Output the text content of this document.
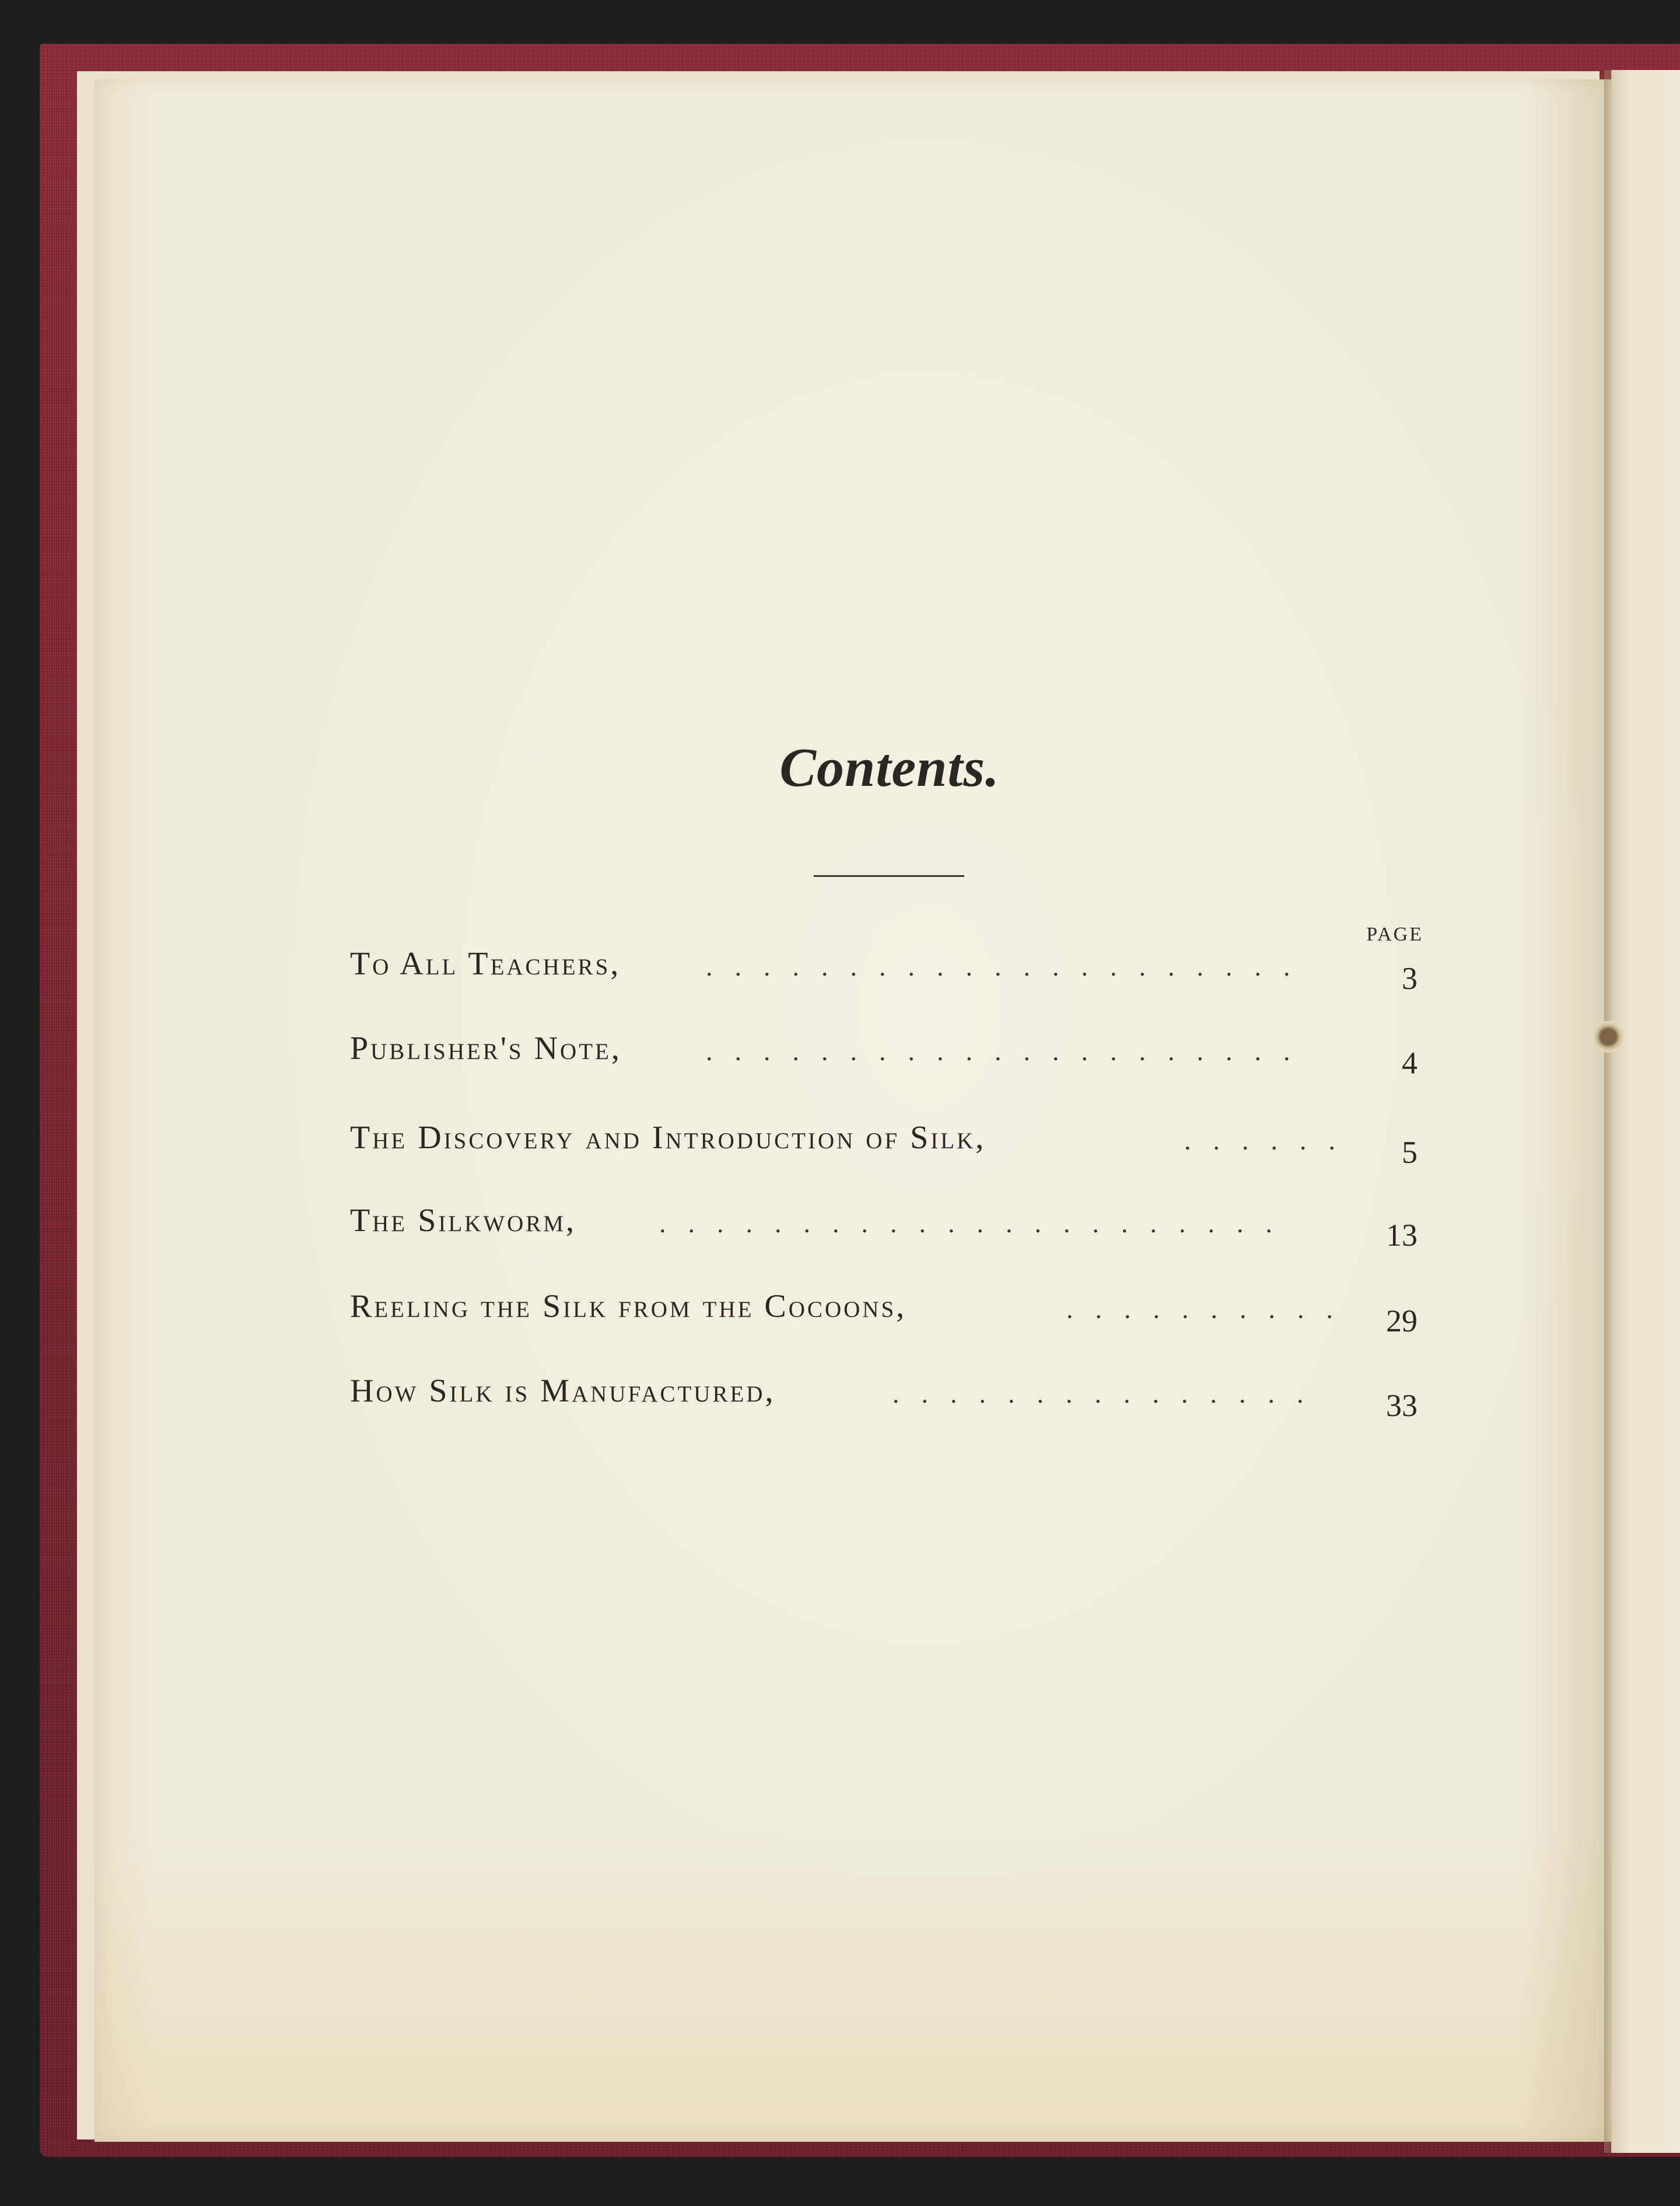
Contents.
PAGE
To All Teachers,	.....................	3
Publisher's Note,	.....................	4
The Discovery and Introduction of Silk,	......	5
The Silkworm,	......................	13
Reeling the Silk from the Cocoons,	.......... 29
How Silk is Manufactured,	...............	33
